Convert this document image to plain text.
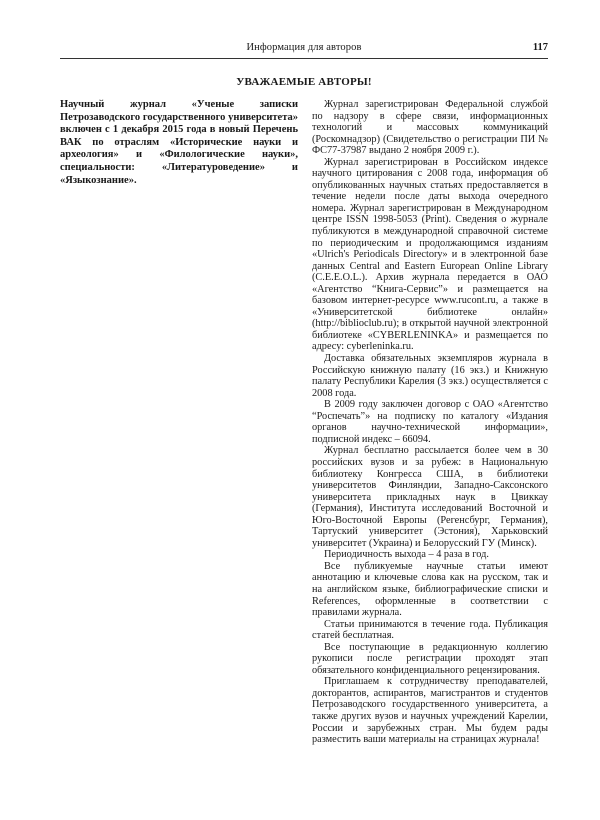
Информация для авторов	117
УВАЖАЕМЫЕ АВТОРЫ!
Научный журнал «Ученые записки Петрозаводского государственного университета» включен с 1 декабря 2015 года в новый Перечень ВАК по отраслям «Исторические науки и археология» и «Филологические науки», специальности: «Литературоведение» и «Языкознание».

Журнал зарегистрирован Федеральной службой по надзору в сфере связи, информационных технологий и массовых коммуникаций (Роскомнадзор) (Свидетельство о регистрации ПИ № ФС77-37987 выдано 2 ноября 2009 г.).

Журнал зарегистрирован в Российском индексе научного цитирования с 2008 года, информация об опубликованных научных статьях предоставляется в течение недели после даты выхода очередного номера. Журнал зарегистрирован в Международном центре ISSN 1998-5053 (Print). Сведения о журнале публикуются в международной справочной системе по периодическим и продолжающимся изданиям «Ulrich's Periodicals Directory» и в электронной базе данных Central and Eastern European Online Library (C.E.E.O.L.). Архив журнала передается в ОАО «Агентство “Книга-Сервис”» и размещается на базовом интернет-ресурсе www.rucont.ru, а также в «Университетской библиотеке онлайн» (http://biblioclub.ru); в открытой научной электронной библиотеке «CYBERLENINKA» и размещается по адресу: cyberleninka.ru.

Доставка обязательных экземпляров журнала в Российскую книжную палату (16 экз.) и Книжную палату Республики Карелия (3 экз.) осуществляется с 2008 года.

В 2009 году заключен договор с ОАО «Агентство “Роспечать”» на подписку по каталогу «Издания органов научно-технической информации», подписной индекс – 66094.

Журнал бесплатно рассылается более чем в 30 российских вузов и за рубеж: в Национальную библиотеку Конгресса США, в библиотеки университетов Финляндии, Западно-Саксонского университета прикладных наук в Цвиккау (Германия), Института исследований Восточной и Юго-Восточной Европы (Регенсбург, Германия), Тартуский университет (Эстония), Харьковский университет (Украина) и Белорусский ГУ (Минск).

Периодичность выхода – 4 раза в год.

Все публикуемые научные статьи имеют аннотацию и ключевые слова как на русском, так и на английском языке, библиографические списки и References, оформленные в соответствии с правилами журнала.

Статьи принимаются в течение года. Публикация статей бесплатная.

Все поступающие в редакционную коллегию рукописи после регистрации проходят этап обязательного конфиденциального рецензирования.

Приглашаем к сотрудничеству преподавателей, докторантов, аспирантов, магистрантов и студентов Петрозаводского государственного университета, а также других вузов и научных учреждений Карелии, России и зарубежных стран. Мы будем рады разместить ваши материалы на страницах журнала!
